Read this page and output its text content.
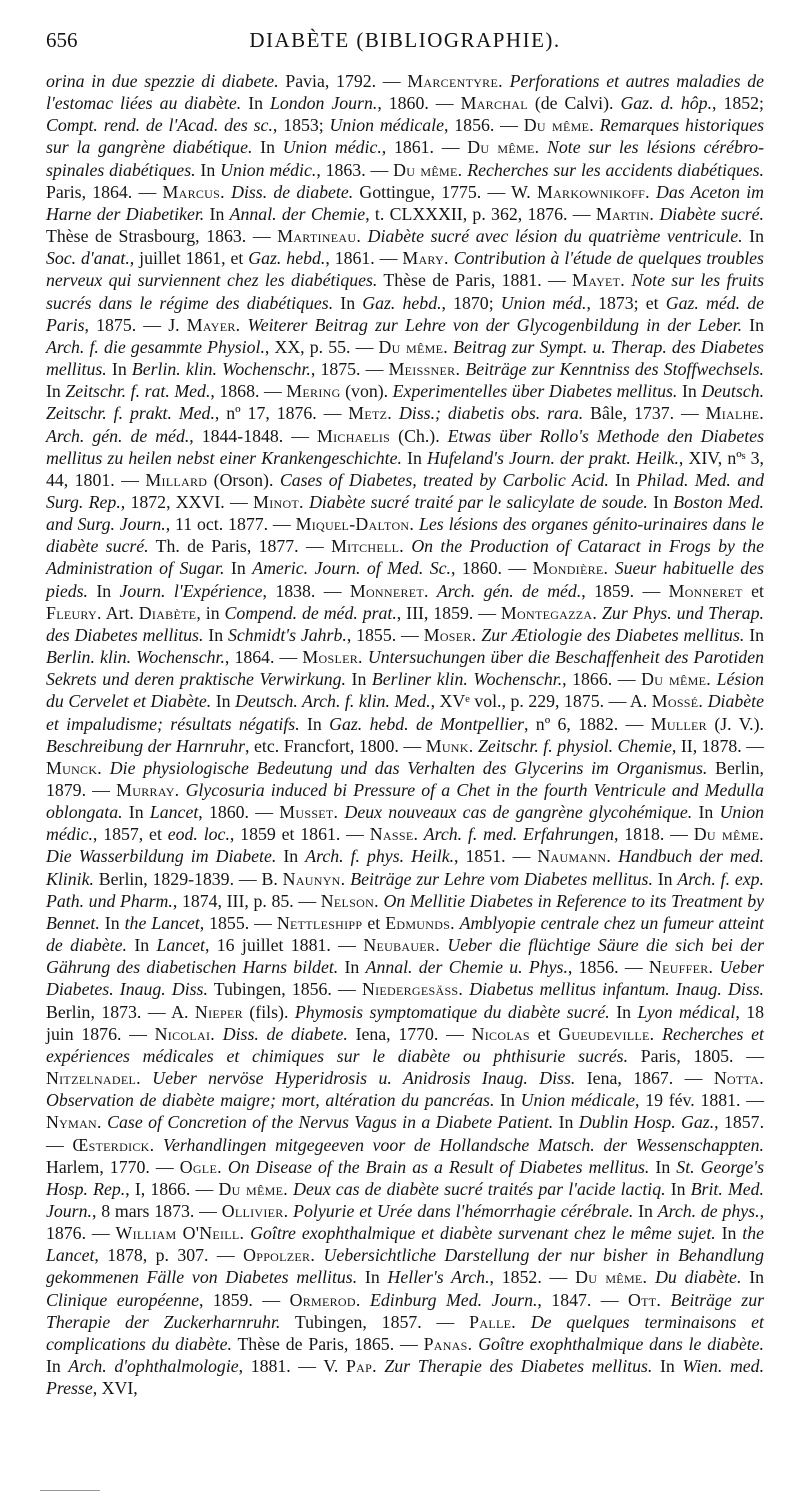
656	DIABÈTE (BIBLIOGRAPHIE).
orina in due spezzie di diabete. Pavia, 1792. — Marcentyre. Perforations et autres maladies de l'estomac liées au diabète. In London Journ., 1860. — Marchal (de Calvi). Gaz. d. hôp., 1852; Compt. rend. de l'Acad. des sc., 1853; Union médicale, 1856. — Du même. Remarques historiques sur la gangrène diabétique. In Union médic., 1861. — Du même. Note sur les lésions cérébro-spinales diabétiques. In Union médic., 1863. — Du même. Recherches sur les accidents diabétiques. Paris, 1864. — Marcus. Diss. de diabete. Gottingue, 1775. — W. Markownikoff. Das Aceton im Harne der Diabetiker. In Annal. der Chemie, t. CLXXXII, p. 362, 1876. — Martin. Diabète sucré. Thèse de Strasbourg, 1863. — Martineau. Diabète sucré avec lésion du quatrième ventricule. In Soc. d'anat., juillet 1861, et Gaz. hebd., 1861. — Mary. Contribution à l'étude de quelques troubles nerveux qui surviennent chez les diabétiques. Thèse de Paris, 1881. — Mayet. Note sur les fruits sucrés dans le régime des diabétiques. In Gaz. hebd., 1870; Union méd., 1873; et Gaz. méd. de Paris, 1875. — J. Mayer. Weiterer Beitrag zur Lehre von der Glycogenbildung in der Leber. In Arch. f. die gesammte Physiol., XX, p. 55. — Du même. Beitrag zur Sympt. u. Therap. des Diabetes mellitus. In Berlin. klin. Wochenschr., 1875. — Meissner. Beiträge zur Kenntniss des Stoffwechsels. In Zeitschr. f. rat. Med., 1868. — Mering (von). Experimentelles über Diabetes mellitus. In Deutsch. Zeitschr. f. prakt. Med., nº 17, 1876. — Metz. Diss.; diabetis obs. rara. Bâle, 1737. — Mialhe. Arch. gén. de méd., 1844-1848. — Michaelis (Ch.). Etwas über Rollo's Methode den Diabetes mellitus zu heilen nebst einer Krankengeschichte. In Hufeland's Journ. der prakt. Heilk., XIV, nºˢ 3, 44, 1801. — Millard (Orson). Cases of Diabetes, treated by Carbolic Acid. In Philad. Med. and Surg. Rep., 1872, XXVI. — Minot. Diabète sucré traité par le salicylate de soude. In Boston Med. and Surg. Journ., 11 oct. 1877. — Miquel-Dalton. Les lésions des organes génito-urinaires dans le diabète sucré. Th. de Paris, 1877. — Mitchell. On the Production of Cataract in Frogs by the Administration of Sugar. In Americ. Journ. of Med. Sc., 1860. — Mondière. Sueur habituelle des pieds. In Journ. l'Expérience, 1838. — Monneret. Arch. gén. de méd., 1859. — Monneret et Fleury. Art. Diabète, in Compend. de méd. prat., III, 1859. — Montegazza. Zur Phys. und Therap. des Diabetes mellitus. In Schmidt's Jahrb., 1855. — Moser. Zur Ætiologie des Diabetes mellitus. In Berlin. klin. Wochenschr., 1864. — Mosler. Untersuchungen über die Beschaffenheit des Parotiden Sekrets und deren praktische Verwirkung. In Berliner klin. Wochenschr., 1866. — Du même. Lésion du Cervelet et Diabète. In Deutsch. Arch. f. klin. Med., XVᵉ vol., p. 229, 1875. — A. Mossé. Diabète et impaludisme; résultats négatifs. In Gaz. hebd. de Montpellier, nº 6, 1882. — Muller (J. V.). Beschreibung der Harnruhr, etc. Francfort, 1800. — Munk. Zeitschr. f. physiol. Chemie, II, 1878. — Munck. Die physiologische Bedeutung und das Verhalten des Glycerins im Organismus. Berlin, 1879. — Murray. Glycosuria induced bi Pressure of a Chet in the fourth Ventricule and Medulla oblongata. In Lancet, 1860. — Musset. Deux nouveaux cas de gangrène glycohémique. In Union médic., 1857, et eod. loc., 1859 et 1861. — Nasse. Arch. f. med. Erfahrungen, 1818. — Du même. Die Wasserbildung im Diabete. In Arch. f. phys. Heilk., 1851. — Naumann. Handbuch der med. Klinik. Berlin, 1829-1839. — B. Naunyn. Beiträge zur Lehre vom Diabetes mellitus. In Arch. f. exp. Path. und Pharm., 1874, III, p. 85. — Nelson. On Mellitie Diabetes in Reference to its Treatment by Bennet. In the Lancet, 1855. — Nettleshipp et Edmunds. Amblyopie centrale chez un fumeur atteint de diabète. In Lancet, 16 juillet 1881. — Neubauer. Ueber die flüchtige Säure die sich bei der Gährung des diabetischen Harns bildet. In Annal. der Chemie u. Phys., 1856. — Neuffer. Ueber Diabetes. Inaug. Diss. Tubingen, 1856. — Niedergesäss. Diabetus mellitus infantum. Inaug. Diss. Berlin, 1873. — A. Nieper (fils). Phymosis symptomatique du diabète sucré. In Lyon médical, 18 juin 1876. — Nicolai. Diss. de diabete. Iena, 1770. — Nicolas et Gueudeville. Recherches et expériences médicales et chimiques sur le diabète ou phthisurie sucrés. Paris, 1805. — Nitzelnadel. Ueber nervöse Hyperidrosis u. Anidrosis Inaug. Diss. Iena, 1867. — Notta. Observation de diabète maigre; mort, altération du pancréas. In Union médicale, 19 fév. 1881. — Nyman. Case of Concretion of the Nervus Vagus in a Diabete Patient. In Dublin Hosp. Gaz., 1857. — Œsterdick. Verhandlingen mitgegeeven voor de Hollandsche Matsch. der Wessenschappten. Harlem, 1770. — Ogle. On Disease of the Brain as a Result of Diabetes mellitus. In St. George's Hosp. Rep., I, 1866. — Du même. Deux cas de diabète sucré traités par l'acide lactiq. In Brit. Med. Journ., 8 mars 1873. — Ollivier. Polyurie et Urée dans l'hémorrhagie cérébrale. In Arch. de phys., 1876. — William O'Neill. Goître exophthalmique et diabète survenant chez le même sujet. In the Lancet, 1878, p. 307. — Oppolzer. Uebersichtliche Darstellung der nur bisher in Behandlung gekommenen Fälle von Diabetes mellitus. In Heller's Arch., 1852. — Du même. Du diabète. In Clinique européenne, 1859. — Ormerod. Edinburg Med. Journ., 1847. — Ott. Beiträge zur Therapie der Zuckerharnruhr. Tubingen, 1857. — Palle. De quelques terminaisons et complications du diabète. Thèse de Paris, 1865. — Panas. Goître exophthalmique dans le diabète. In Arch. d'ophthalmologie, 1881. — V. Pap. Zur Therapie des Diabetes mellitus. In Wien. med. Presse, XVI,
